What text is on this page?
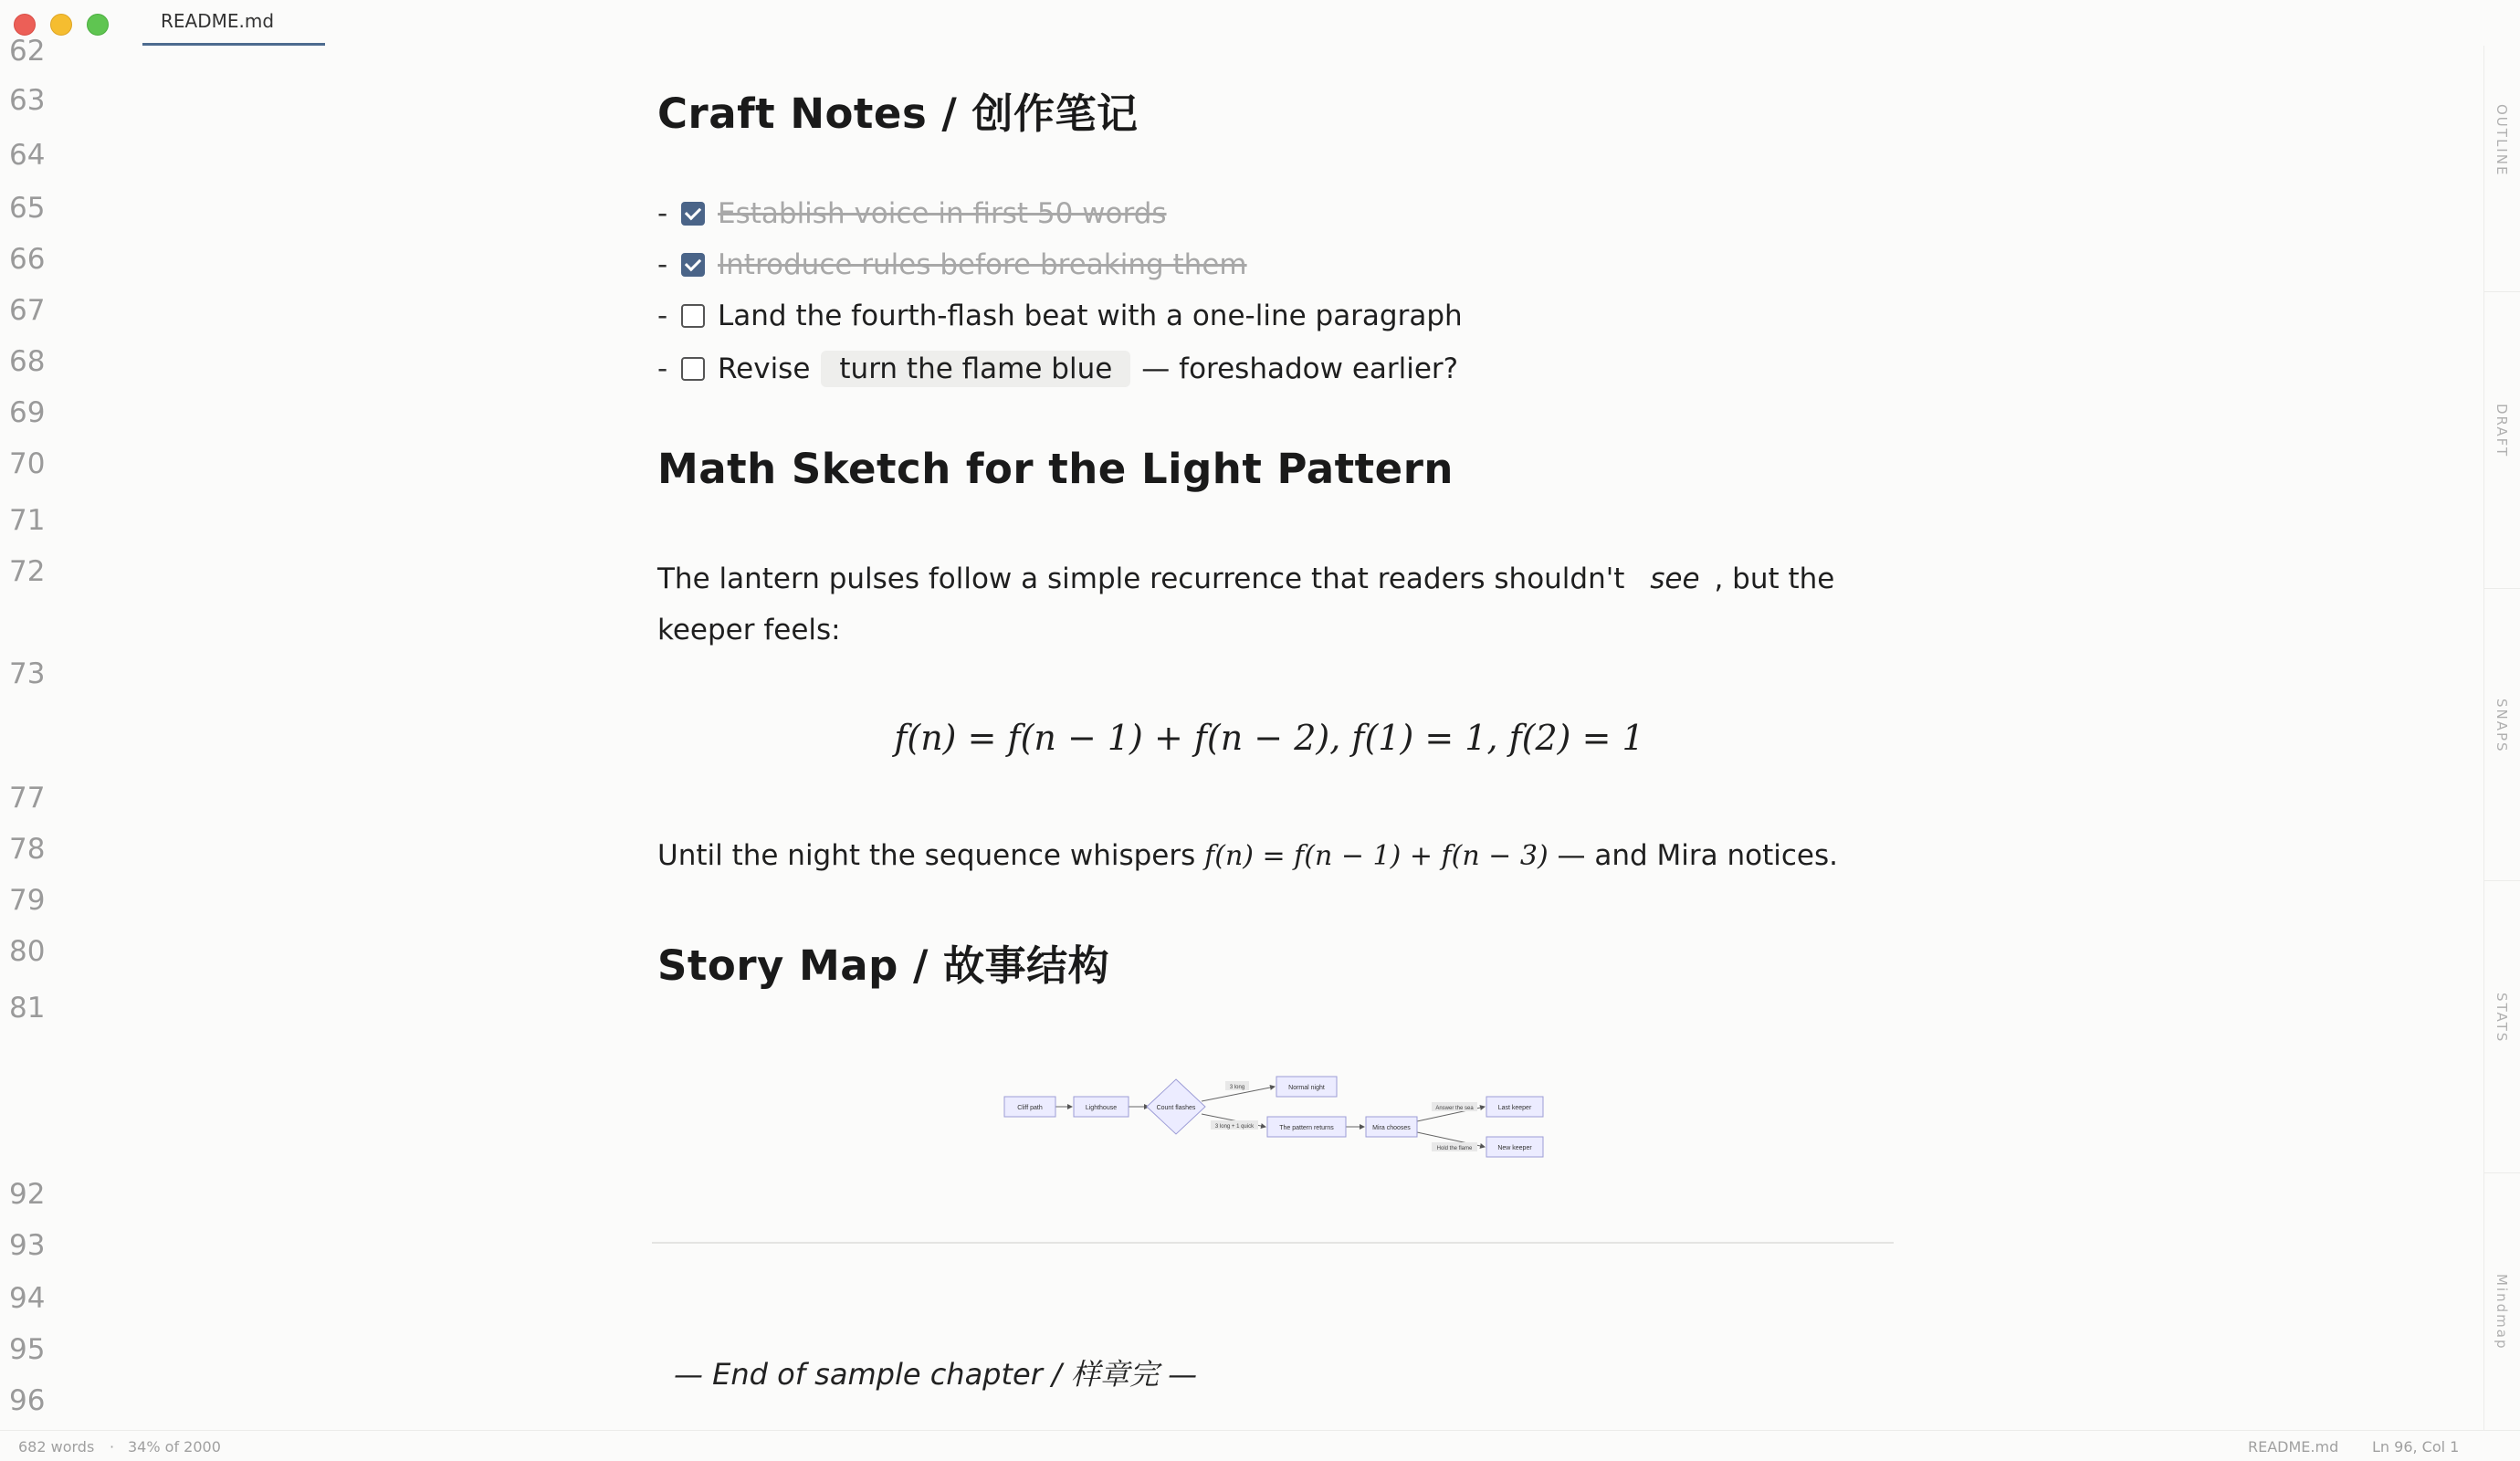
README.md
62
63
64
65
66
67
68
69
70
71
72
73
77
78
79
80
81
92
93
94
95
96
Craft Notes / 创作笔记
-	Establish voice in first 50 words
-	Introduce rules before breaking them
-	Land the fourth-flash beat with a one-line paragraph
-	Revise	turn the flame blue	— foreshadow earlier?
Math Sketch for the Light Pattern
The lantern pulses follow a simple recurrence that readers shouldn't see , but the keeper feels:
f(n) = f(n − 1) + f(n − 2), f(1) = 1, f(2) = 1
Until the night the sequence whispers f(n) = f(n − 1) + f(n − 3) — and Mira notices.
Story Map / 故事结构
Cliff path	Lighthouse	Count flashes
Normal night
The pattern returns	Mira chooses
Last keeper
New keeper
3 long
3 long + 1 quick
Answer the sea
Hold the flame
— End of sample chapter / 样章完 —
OUTLINE
DRAFT
SNAPS
STATS
Mindmap
682 words · 34% of 2000	README.md Ln 96, Col 1
